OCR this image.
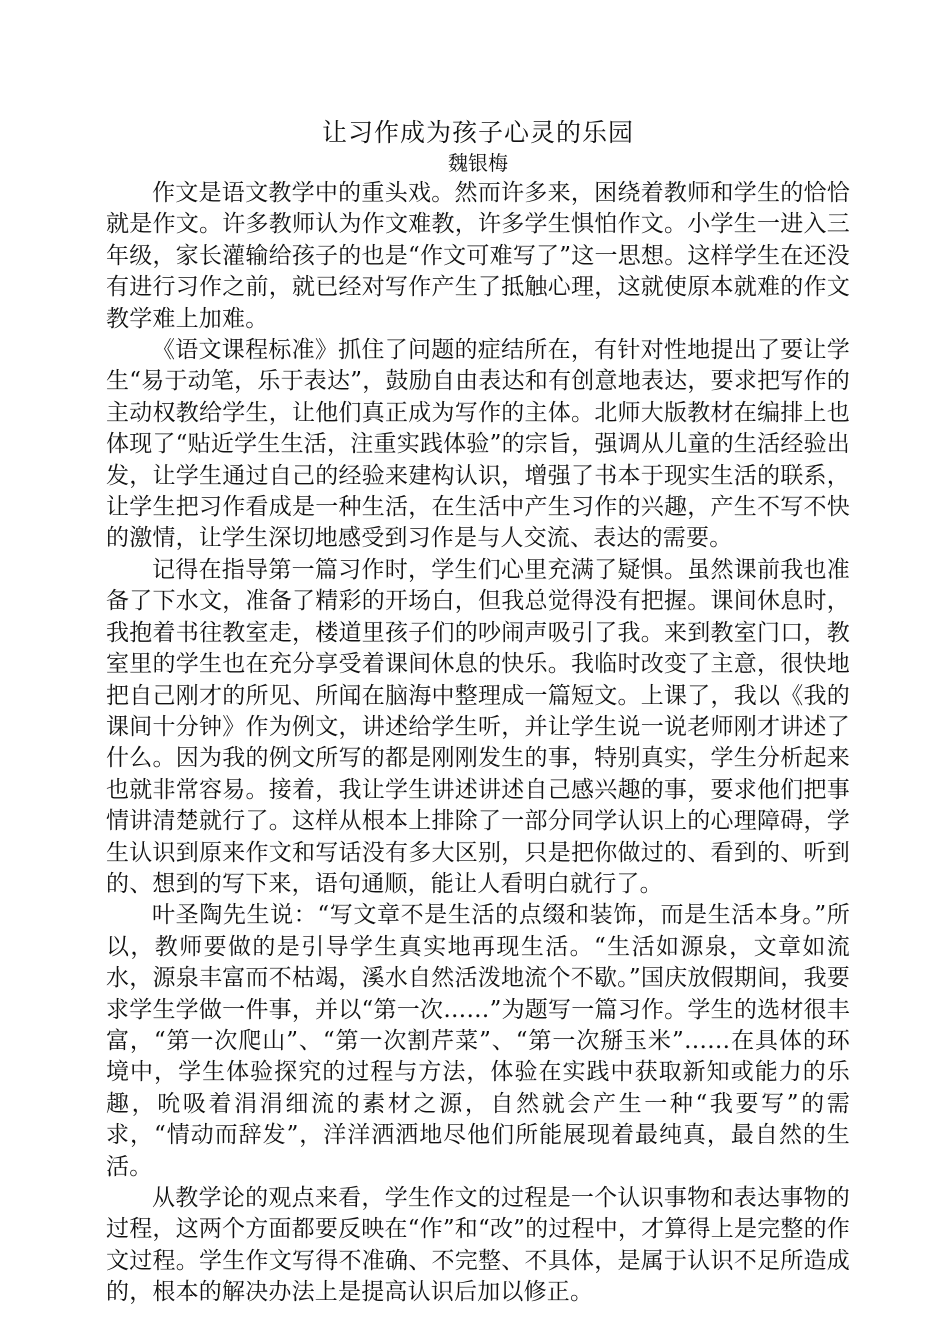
让习作成为孩子心灵的乐园
魏银梅

作文是语文教学中的重头戏。然而许多来，困绕着教师和学生的恰恰就是作文。许多教师认为作文难教，许多学生惧怕作文。小学生一进入三年级，家长灌输给孩子的也是“作文可难写了”这一思想。这样学生在还没有进行习作之前，就已经对写作产生了抵触心理，这就使原本就难的作文教学难上加难。

《语文课程标准》抓住了问题的症结所在，有针对性地提出了要让学生“易于动笔，乐于表达”，鼓励自由表达和有创意地表达，要求把写作的主动权教给学生，让他们真正成为写作的主体。北师大版教材在编排上也体现了“贴近学生生活，注重实践体验”的宗旨，强调从儿童的生活经验出发，让学生通过自己的经验来建构认识，增强了书本于现实生活的联系，让学生把习作看成是一种生活，在生活中产生习作的兴趣，产生不写不快的激情，让学生深切地感受到习作是与人交流、表达的需要。

记得在指导第一篇习作时，学生们心里充满了疑惧。虽然课前我也准备了下水文，准备了精彩的开场白，但我总觉得没有把握。课间休息时，我抱着书往教室走，楼道里孩子们的吵闹声吸引了我。来到教室门口，教室里的学生也在充分享受着课间休息的快乐。我临时改变了主意，很快地把自己刚才的所见、所闻在脑海中整理成一篇短文。上课了，我以《我的课间十分钟》作为例文，讲述给学生听，并让学生说一说老师刚才讲述了什么。因为我的例文所写的都是刚刚发生的事，特别真实，学生分析起来也就非常容易。接着，我让学生讲述讲述自己感兴趣的事，要求他们把事情讲清楚就行了。这样从根本上排除了一部分同学认识上的心理障碍，学生认识到原来作文和写话没有多大区别，只是把你做过的、看到的、听到的、想到的写下来，语句通顺，能让人看明白就行了。

叶圣陶先生说：“写文章不是生活的点缀和装饰，而是生活本身。”所以，教师要做的是引导学生真实地再现生活。“生活如源泉，文章如流水，源泉丰富而不枯竭，溪水自然活泼地流个不歇。”国庆放假期间，我要求学生学做一件事，并以“第一次……”为题写一篇习作。学生的选材很丰富，“第一次爬山”、“第一次割芹菜”、“第一次掰玉米”……在具体的环境中，学生体验探究的过程与方法，体验在实践中获取新知或能力的乐趣，吮吸着涓涓细流的素材之源，自然就会产生一种“我要写”的需求，“情动而辞发”，洋洋洒洒地尽他们所能展现着最纯真，最自然的生活。

从教学论的观点来看，学生作文的过程是一个认识事物和表达事物的过程，这两个方面都要反映在“作”和“改”的过程中，才算得上是完整的作文过程。学生作文写得不准确、不完整、不具体，是属于认识不足所造成的，根本的解决办法上是提高认识后加以修正。
